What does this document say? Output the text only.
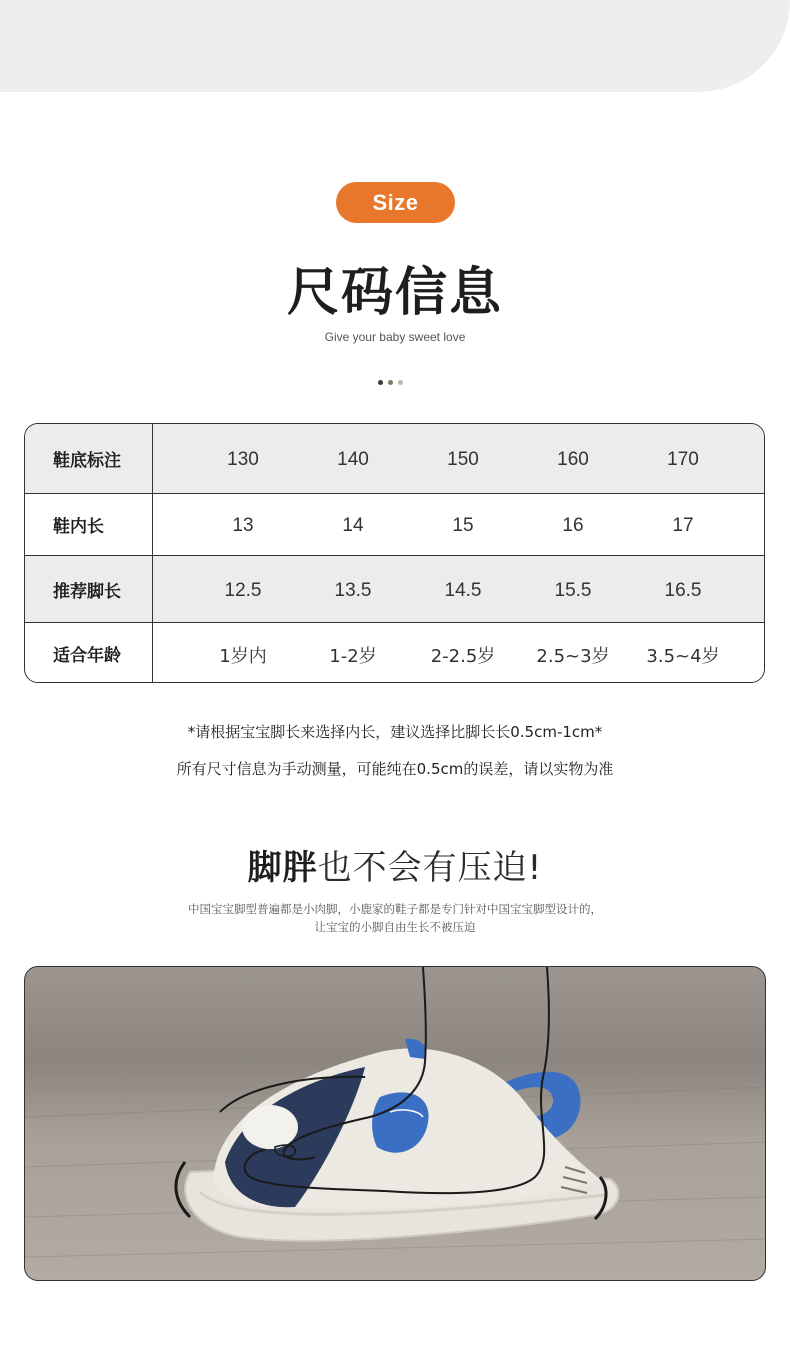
Size
尺码信息
Give your baby sweet love
鞋底标注	130	140	150	160	170
鞋内长	13	14	15	16	17
推荐脚长	12.5	13.5	14.5	15.5	16.5
适合年龄	1岁内	1-2岁	2-2.5岁	2.5~3岁	3.5~4岁
*请根据宝宝脚长来选择内长，建议选择比脚长长0.5cm-1cm*
所有尺寸信息为手动测量，可能纯在0.5cm的误差，请以实物为准
脚胖也不会有压迫!
中国宝宝脚型普遍都是小肉脚，小鹿家的鞋子都是专门针对中国宝宝脚型设计的，
让宝宝的小脚自由生长不被压迫
